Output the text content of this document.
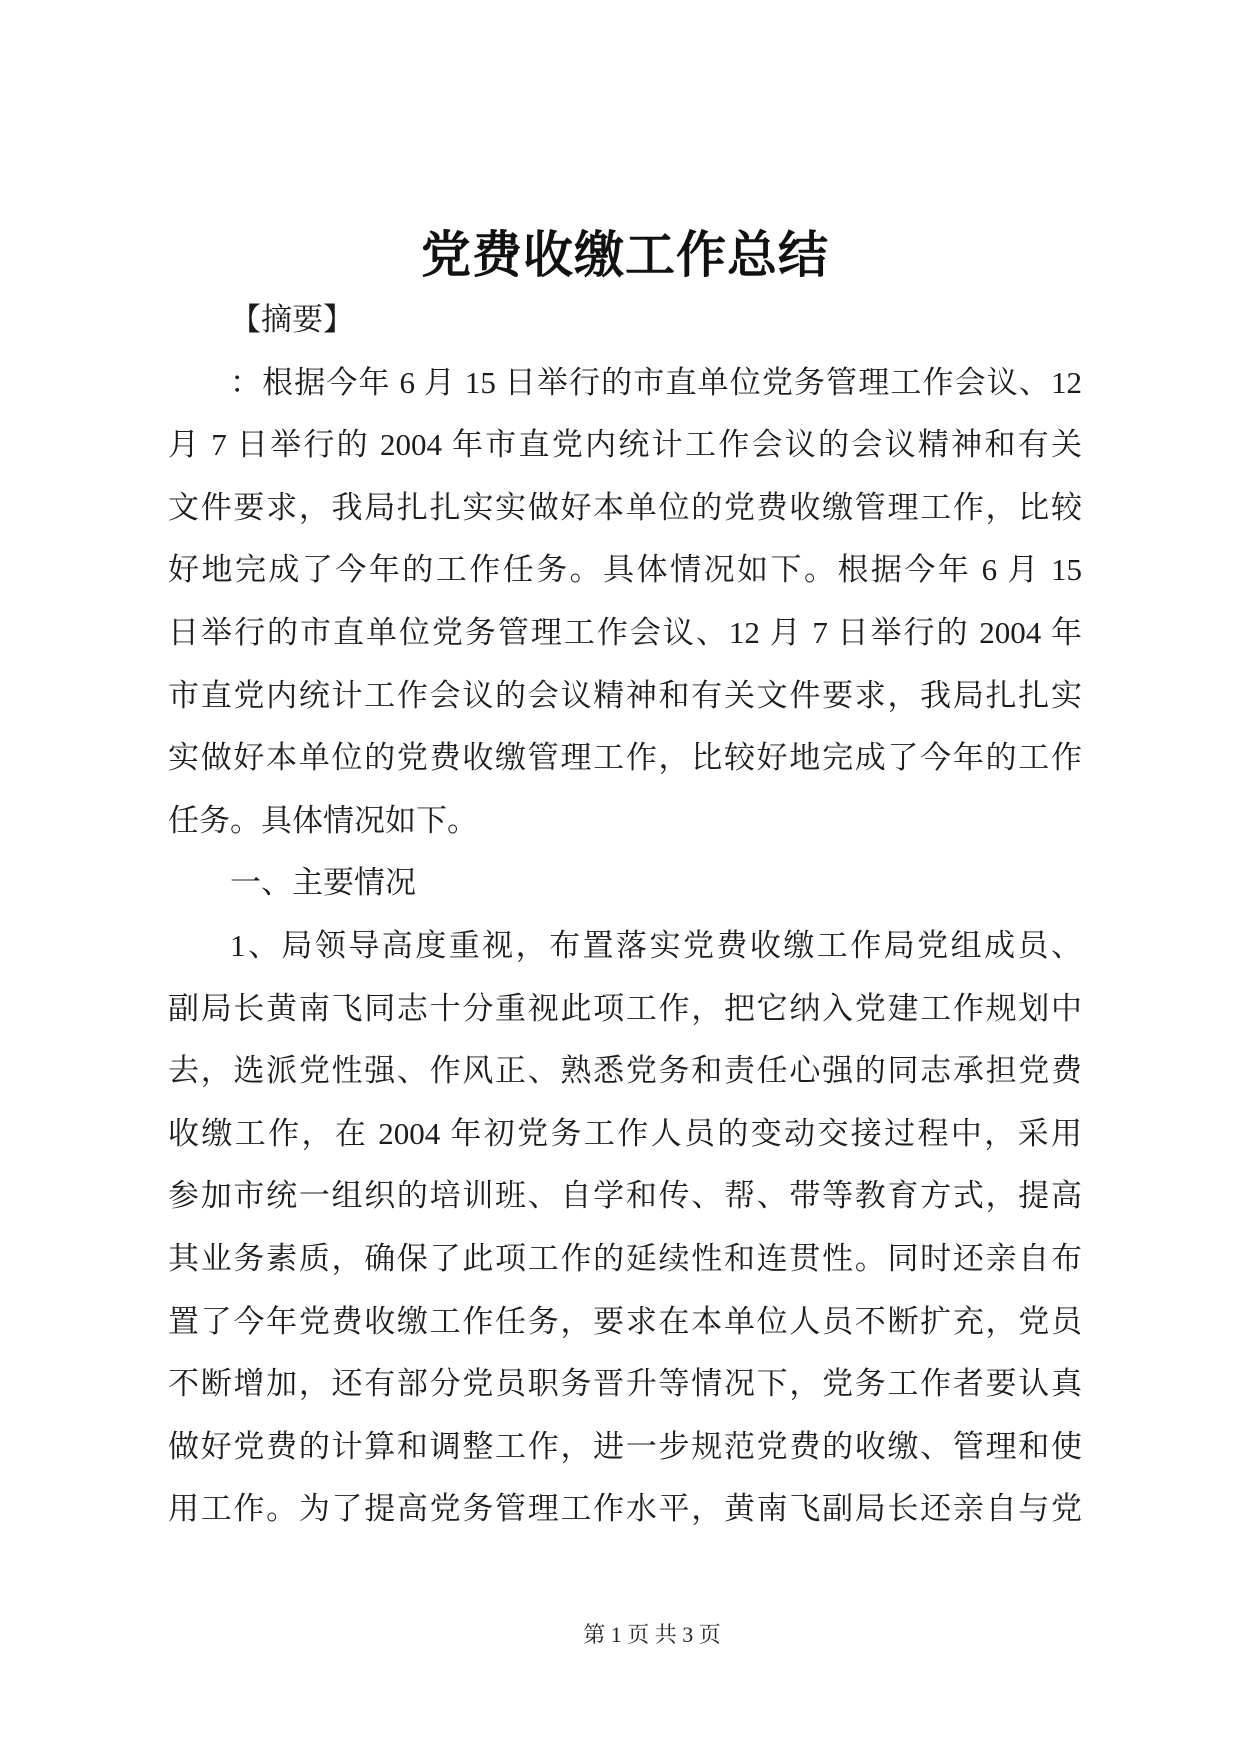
党费收缴工作总结
【摘要】
：根据今年 6 月 15 日举行的市直单位党务管理工作会议、12
月 7 日举行的 2004 年市直党内统计工作会议的会议精神和有关
文件要求，我局扎扎实实做好本单位的党费收缴管理工作，比较
好地完成了今年的工作任务。具体情况如下。根据今年 6 月 15
日举行的市直单位党务管理工作会议、12 月 7 日举行的 2004 年
市直党内统计工作会议的会议精神和有关文件要求，我局扎扎实
实做好本单位的党费收缴管理工作，比较好地完成了今年的工作
任务。具体情况如下。
一、主要情况
1、局领导高度重视，布置落实党费收缴工作局党组成员、
副局长黄南飞同志十分重视此项工作，把它纳入党建工作规划中
去，选派党性强、作风正、熟悉党务和责任心强的同志承担党费
收缴工作，在 2004 年初党务工作人员的变动交接过程中，采用
参加市统一组织的培训班、自学和传、帮、带等教育方式，提高
其业务素质，确保了此项工作的延续性和连贯性。同时还亲自布
置了今年党费收缴工作任务，要求在本单位人员不断扩充，党员
不断增加，还有部分党员职务晋升等情况下，党务工作者要认真
做好党费的计算和调整工作，进一步规范党费的收缴、管理和使
用工作。为了提高党务管理工作水平，黄南飞副局长还亲自与党
第 1 页 共 3 页
